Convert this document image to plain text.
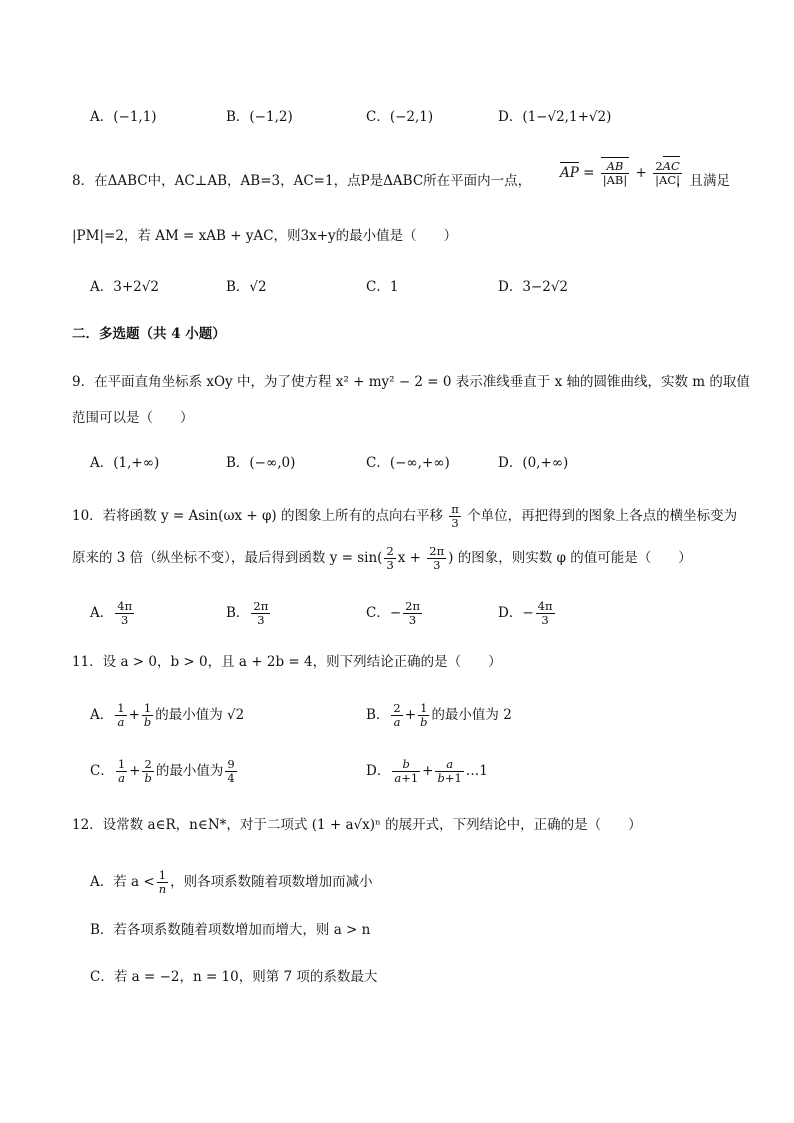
A．(−1,1)	B．(−1,2)	C．(−2,1)	D．(1−√2,1+√2)
8．在ΔABC中，AC⊥AB，AB=3，AC=1，点P是ΔABC所在平面内一点， AP = $\frac{AB}{|AB|} + \frac{2AC}{|AC|}$
，且满足
|PM|=2，若 AM = xAB + yAC，则3x+y的最小值是（　　）
A．3+2√2	B．√2	C．1	D．3−2√2
二．多选题（共 4 小题）
9．在平面直角坐标系 xOy 中，为了使方程 x² + my² − 2 = 0 表示准线垂直于 x 轴的圆锥曲线，实数 m 的取值
范围可以是（　　）
A．(1,+∞)	B．(−∞,0)	C．(−∞,+∞)	D．(0,+∞)
10．若将函数 y = Asin(ωx + φ) 的图象上所有的点向右平移 $\frac{\pi}{3}$ 个单位，再把得到的图象上各点的横坐标变为
原来的 3 倍（纵坐标不变），最后得到函数 $y = \sin( \frac{2}{3}$ $x + \frac{2\pi}{3}$ ) 的图象，则实数 φ 的值可能是（　　）
A． $\frac{4\pi}{3}$	B． $\frac{2\pi}{3}$	C．− $\frac{2\pi}{3}$	D．− $\frac{4\pi}{3}$
11．设 a > 0，b > 0，且 a + 2b = 4，则下列结论正确的是（　　）
A． $\frac{1}{a} + \frac{1}{b}$ 的最小值为 √2	B． $\frac{2}{a} + \frac{1}{b}$ 的最小值为 2
C． $\frac{1}{a} + \frac{2}{b}$ 的最小值为 $\frac{9}{4}$	D． $\frac{b}{a+1} + \frac{a}{b+1}$ …1
12．设常数 a∈R，n∈N*，对于二项式 (1 + a√x)ⁿ 的展开式，下列结论中，正确的是（　　）
A．若 $a < \frac{1}{n}$ ，则各项系数随着项数增加而减小
B．若各项系数随着项数增加而增大，则 a > n
C．若 a = −2，n = 10，则第 7 项的系数最大
